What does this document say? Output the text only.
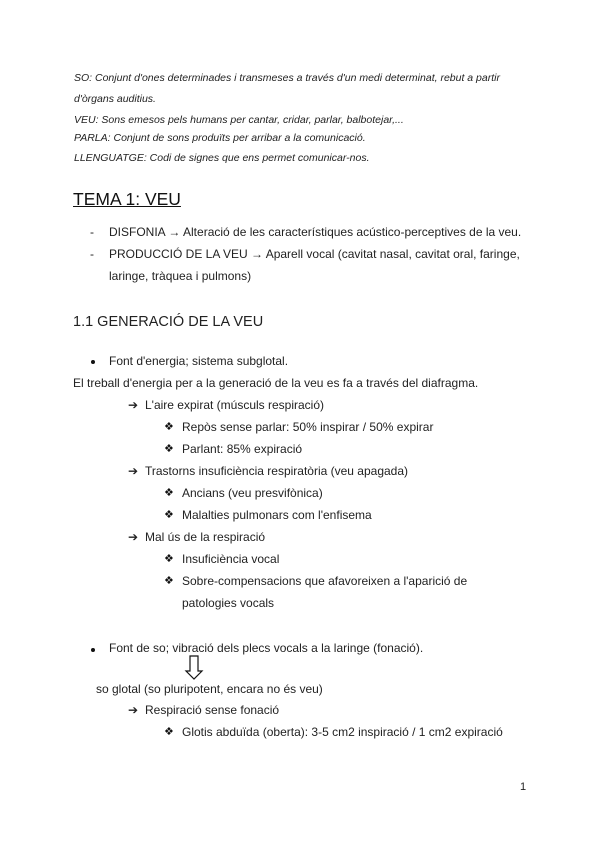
SO: Conjunt d'ones determinades i transmeses a través d'un medi determinat, rebut a partir
d'òrgans auditius.
VEU: Sons emesos pels humans per cantar, cridar, parlar, balbotejar,...
PARLA: Conjunt de sons produïts per arribar a la comunicació.
LLENGUATGE: Codi de signes que ens permet comunicar-nos.
TEMA 1: VEU
- DISFONIA → Alteració de les característiques acústico-perceptives de la veu.
- PRODUCCIÓ DE LA VEU → Aparell vocal (cavitat nasal, cavitat oral, faringe,
laringe, tràquea i pulmons)
1.1 GENERACIÓ DE LA VEU
Font d'energia; sistema subglotal.
El treball d'energia per a la generació de la veu es fa a través del diafragma.
➔ L'aire expirat (músculs respiració)
❖ Repòs sense parlar: 50% inspirar / 50% expirar
❖ Parlant: 85% expiració
➔ Trastorns insuficiència respiratòria (veu apagada)
❖ Ancians (veu presvifònica)
❖ Malalties pulmonars com l'enfisema
➔ Mal ús de la respiració
❖ Insuficiència vocal
❖ Sobre-compensacions que afavoreixen a l'aparició de
patologies vocals
Font de so; vibració dels plecs vocals a la laringe (fonació).
so glotal (so pluripotent, encara no és veu)
➔ Respiració sense fonació
❖ Glotis abduïda (oberta): 3-5 cm2 inspiració / 1 cm2 expiració
1
